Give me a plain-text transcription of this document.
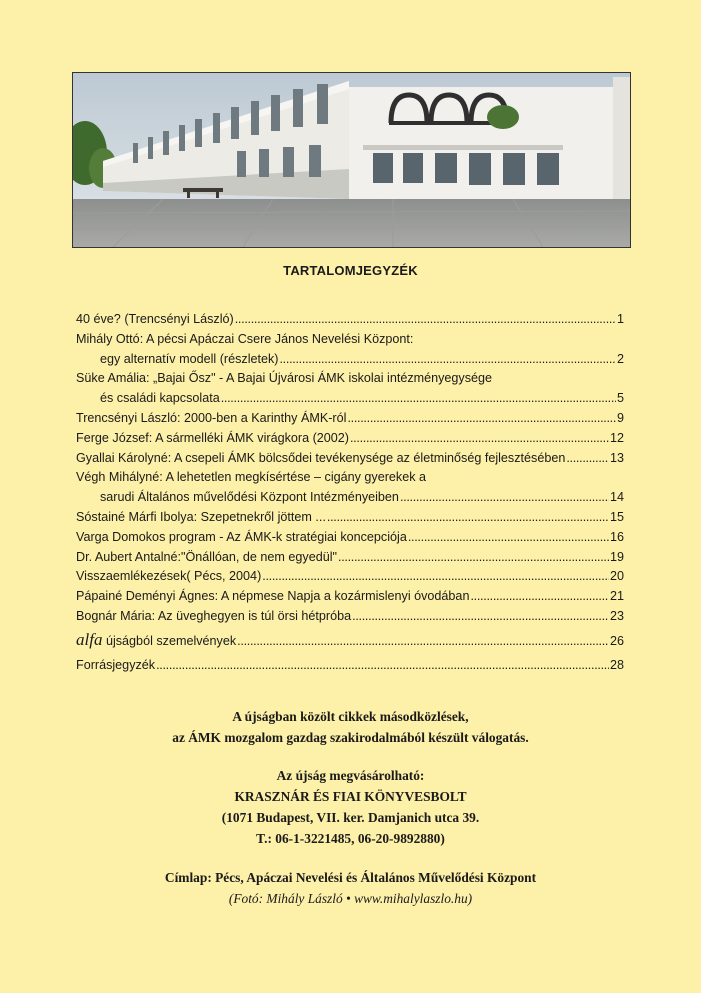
TARTALOMJEGYZÉK
40 éve? (Trencsényi László) . . .	1
Mihály Ottó: A pécsi Apáczai Csere János Nevelési Központ:
egy alternatív modell (részletek) . . .	2
Süke Amália: „Bajai Ősz" - A Bajai Újvárosi ÁMK iskolai intézményegysége
és családi kapcsolata . . .	5
Trencsényi László: 2000-ben a Karinthy ÁMK-ról . . .	9
Ferge József: A sármelléki ÁMK virágkora (2002) . . .	12
Gyallai Károlyné: A csepeli ÁMK bölcsődei tevékenysége az életminőség fejlesztésében . . .	13
Végh Mihályné: A lehetetlen megkísértése – cigány gyerekek a
sarudi Általános művelődési Központ Intézményeiben . . .	14
Sóstainé Márfi Ibolya: Szepetnekről jöttem ... . . .	15
Varga Domokos program - Az ÁMK-k stratégiai koncepciója . . .	16
Dr. Aubert Antalné:"Önállóan, de nem egyedül" . . .	19
Visszaemlékezések( Pécs, 2004) . . .	20
Pápainé Deményi Ágnes: A népmese Napja a kozármislenyi óvodában . . .	21
Bognár Mária: Az üveghegyen is túl örsi hétpróba . . .	23
alfa újságból szemelvények . . .	26
Forrásjegyzék . . .	28

A újságban közölt cikkek másodközlések,

az ÁMK mozgalom gazdag szakirodalmából készült válogatás.

Az újság megvásárolható:

KRASZNÁR ÉS FIAI KÖNYVESBOLT

(1071 Budapest, VII. ker. Damjanich utca 39.

T.: 06-1-3221485, 06-20-9892880)

Címlap: Pécs, Apáczai Nevelési és Általános Művelődési Központ

(Fotó: Mihály László • www.mihalylaszlo.hu)
